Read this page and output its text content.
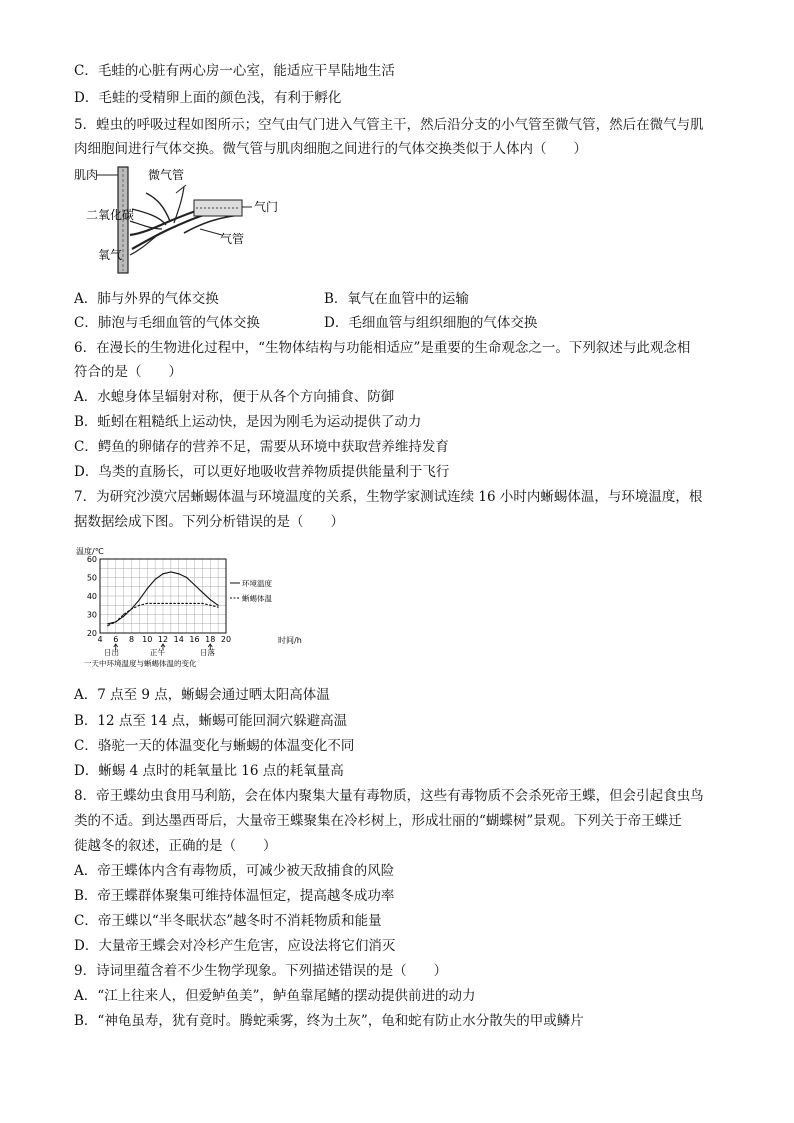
C．毛蛙的心脏有两心房一心室，能适应干旱陆地生活
D．毛蛙的受精卵上面的颜色浅，有利于孵化
5．蝗虫的呼吸过程如图所示；空气由气门进入气管主干，然后沿分支的小气管至微气管，然后在微气与肌
肉细胞间进行气体交换。微气管与肌肉细胞之间进行的气体交换类似于人体内（　　）
肌肉	微气管
二氧化碳
气门
气管
氧气
A．肺与外界的气体交换	B．氧气在血管中的运输
C．肺泡与毛细血管的气体交换	D．毛细血管与组织细胞的气体交换
6．在漫长的生物进化过程中，“生物体结构与功能相适应”是重要的生命观念之一。下列叙述与此观念相
符合的是（　　）
A．水螅身体呈辐射对称，便于从各个方向捕食、防御
B．蚯蚓在粗糙纸上运动快，是因为刚毛为运动提供了动力
C．鳄鱼的卵储存的营养不足，需要从环境中获取营养维持发育
D．鸟类的直肠长，可以更好地吸收营养物质提供能量利于飞行
7．为研究沙漠穴居蜥蜴体温与环境温度的关系，生物学家测试连续 16 小时内蜥蜴体温，与环境温度，根
据数据绘成下图。下列分析错误的是（　　）
4 6 8 10 12 14 16 18 20
20
30
40
50
60
温度/℃
时间/h
环境温度
蜥蜴体温
日出	正午	日落
一天中环境温度与蜥蜴体温的变化
A．7 点至 9 点，蜥蜴会通过晒太阳高体温
B．12 点至 14 点，蜥蜴可能回洞穴躲避高温
C．骆驼一天的体温变化与蜥蜴的体温变化不同
D．蜥蜴 4 点时的耗氧量比 16 点的耗氧量高
8．帝王蝶幼虫食用马利筋，会在体内聚集大量有毒物质，这些有毒物质不会杀死帝王蝶，但会引起食虫鸟
类的不适。到达墨西哥后，大量帝王蝶聚集在冷杉树上，形成壮丽的“蝴蝶树”景观。下列关于帝王蝶迁
徙越冬的叙述，正确的是（　　）
A．帝王蝶体内含有毒物质，可减少被天敌捕食的风险
B．帝王蝶群体聚集可维持体温恒定，提高越冬成功率
C．帝王蝶以“半冬眠状态”越冬时不消耗物质和能量
D．大量帝王蝶会对冷杉产生危害，应设法将它们消灭
9．诗词里蕴含着不少生物学现象。下列描述错误的是（　　）
A．“江上往来人，但爱鲈鱼美”，鲈鱼靠尾鳍的摆动提供前进的动力
B．“神龟虽寿，犹有竟时。腾蛇乘雾，终为土灰”，龟和蛇有防止水分散失的甲或鳞片
